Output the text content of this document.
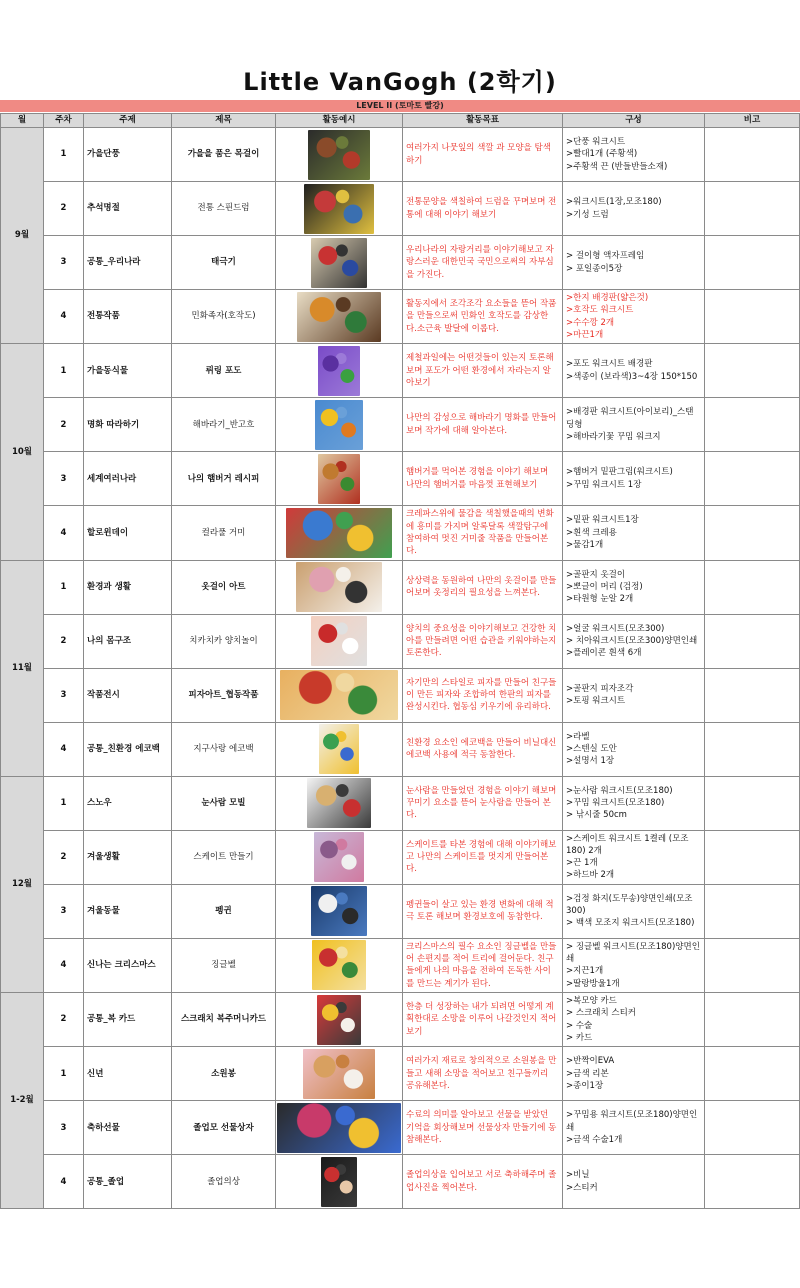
Little VanGogh (2학기)
LEVEL II (토마토 빨강)
월	주차	주제	제목	활동예시	활동목표	구성	비고
9월	1	가을단풍	가을을 품은 목걸이		여러가지 나뭇잎의 색깔 과 모양을 탐색하기	>단풍 워크시트
>빨대1개 (주황색)
>주황색 끈 (반들반들소재)	
	2	추석명절	전통 스핀드럼		전통문양을 색칠하여 드럼을 꾸며보며 전통에 대해 이야기 해보기	>워크시트(1장,모조180)
>기성 드럼	
	3	공통_우리나라	태극기		우리나라의 자랑거리를 이야기해보고 자랑스러운 대한민국 국민으로써의 자부심을 가진다.	> 걸이형 액자프레임
> 포일종이5장	
	4	전통작품	민화족자(호작도)		활동지에서 조각조각 요소들을 뜯어 작품을 만들으로써 민화인 호작도를 감상한다.소근육 발달에 이롭다.	>한지 배경판(얇은것)
>호작도 워크시트
>수수깡 2개
>마끈1개	
10월	1	가을동식물	뤼링 포도		제철과일에는 어떤것들이 있는지 토론해보며 포도가 어떤 환경에서 자라는지 알아보기	>포도 워크시트 배경판
>색종이 (보라색)3~4장 150*150	
	2	명화 따라하기	해바라기_반고흐		나만의 감성으로 해바라기 명화를 만들어보며 작가에 대해 알아본다.	>배경판 워크시트(아이보리)_스탠딩형
>해바라기꽃 꾸밈 워크지	
	3	세계여러나라	나의 햄버거 레시피		햄버거를 먹어본 경험을 이야기 해보며 나만의 햄버거를 마음껏 표현해보기	>햄버거 밑판그림(워크시트)
>꾸밈 워크시트 1장	
	4	할로윈데이	컬라풀 거미		크레파스위에 물감을 색칠했을때의 변화에 흥미를 가지며 알록달록 색깔탐구에 참여하여 멋진 거미줄 작품을 만들어본다.	>밑판 워크시트1장
>흰색 크레용
>물감1개	
11월	1	환경과 생활	옷걸이 아트		상상력을 동원하여 나만의 옷걸이를 만들어보며 옷정리의 필요성을 느껴본다.	>골판지 옷걸이
>뽀글이 머리 (검정)
>타원형 눈알 2개	
	2	나의 몸구조	치카치카 양치놀이		양치의 중요성을 이야기해보고 건강한 치아를 만들려면 어떤 습관을 키워야하는지 토론한다.	>얼굴 워크시트(모조300)
> 치아워크시트(모조300)양면인쇄
>플레이콘 흰색 6개	
	3	작품전시	피자아트_협동작품		자기만의 스타일로 피자를 만들어 친구들이 만든 피자와 조합하여 한판의 피자를 완성시킨다. 협동심 키우기에 유리하다.	>골판지 피자조각
>토핑 워크시트	
	4	공통_친환경 에코백	지구사랑 에코백		친환경 요소인 에코백을 만들어 비닐대신 에코백 사용에 적극 동참한다.	>라벨
>스텐실 도안
>설명서 1장	
12월	1	스노우	눈사람 모빌		눈사람을 만들었던 경험을 이야기 해보며 꾸미기 요소를 뜯어 눈사람을 만들어 본다.	>눈사람 워크시트(모조180)
>꾸밈 워크시트(모조180)
> 낚시줄 50cm	
	2	겨울생활	스케이트 만들기		스케이트를 타본 경험에 대해 이야기해보고 나만의 스케이트를 멋지게 만들어본다.	>스케이트 워크시트 1켤레 (모조180) 2개
>끈 1개
>하드바 2개	
	3	겨울동물	펭귄		펭귄들이 살고 있는 환경 변화에 대해 적극 토론 해보며 환경보호에 동참한다.	>검정 화지(도무송)양면인쇄(모조300)
> 백색 모조지 워크시트(모조180)	
	4	신나는 크리스마스	징글벨		크리스마스의 필수 요소인 징글벨을 만들어 손편지를 적어 트리에 걸어둔다. 친구들에게 나의 마음을 전하여 돈독한 사이를 만드는 계기가 된다.	> 징글벨 워크시트(모조180)양면인쇄
>지끈1개
>딸랑방울1개	
1-2월	2	공통_복 카드	스크래치 복주머니카드		한층 더 성장하는 내가 되려면 어떻게 계획한대로 소망을 이루어 나갈것인지 적어보기	>복모양 카드
> 스크래치 스티커
> 수술
> 카드	
	1	신년	소원봉		여러가지 재료로 창의적으로 소원봉을 만들고 새해 소망을 적어보고 친구들끼리 공유해본다.	>반짝이EVA
>금색 리본
>종이1장	
	3	축하선물	졸업모 선물상자		수료의 의미를 알아보고 선물을 받았던 기억을 회상해보며 선물상자 만들기에 동참해본다.	>꾸밈용 워크시트(모조180)양면인쇄
>금색 수술1개	
	4	공통_졸업	졸업의상		졸업의상을 입어보고 서로 축하해주며 졸업사진을 찍어본다.	>비닐
>스티커	
